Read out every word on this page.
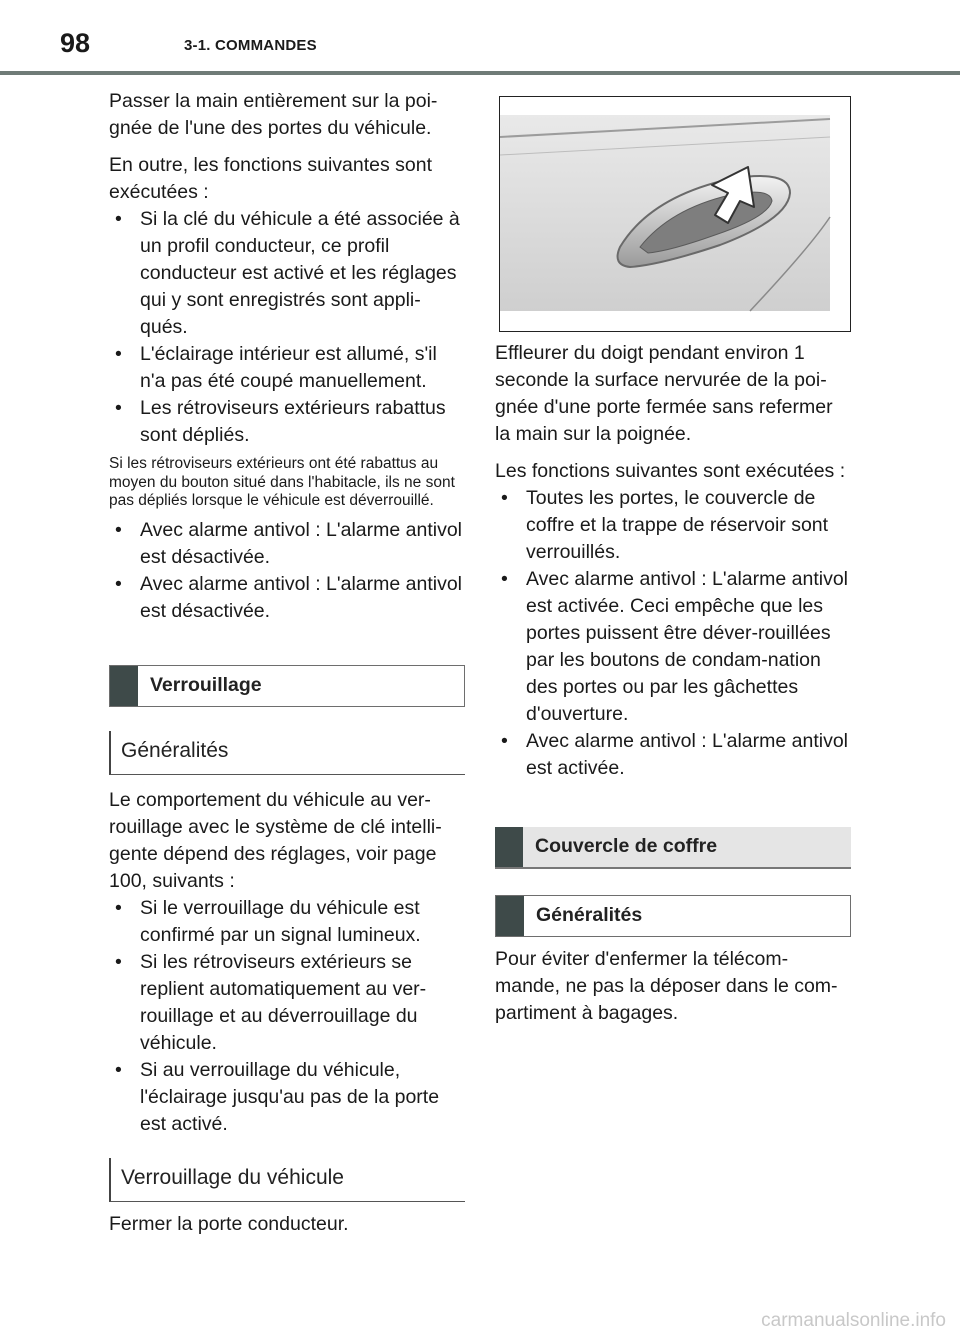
98	3-1. COMMANDES

Passer la main entièrement sur la poi-gnée de l'une des portes du véhicule.

En outre, les fonctions suivantes sont exécutées :

• Si la clé du véhicule a été associée à un profil conducteur, ce profil conducteur est activé et les réglages qui y sont enregistrés sont appli-qués.
• L'éclairage intérieur est allumé, s'il n'a pas été coupé manuellement.
• Les rétroviseurs extérieurs rabattus sont dépliés.

Si les rétroviseurs extérieurs ont été rabattus au moyen du bouton situé dans l'habitacle, ils ne sont pas dépliés lorsque le véhicule est déverrouillé.

• Avec alarme antivol : L'alarme antivol est désactivée.
• Avec alarme antivol : L'alarme antivol est désactivée.
Verrouillage
Généralités

Le comportement du véhicule au ver-rouillage avec le système de clé intelli-gente dépend des réglages, voir page 100, suivants :

• Si le verrouillage du véhicule est confirmé par un signal lumineux.
• Si les rétroviseurs extérieurs se replient automatiquement au ver-rouillage et au déverrouillage du véhicule.
• Si au verrouillage du véhicule, l'éclairage jusqu'au pas de la porte est activé.
Verrouillage du véhicule

Fermer la porte conducteur.

Effleurer du doigt pendant environ 1 seconde la surface nervurée de la poi-gnée d'une porte fermée sans refermer la main sur la poignée.

Les fonctions suivantes sont exécutées :

• Toutes les portes, le couvercle de coffre et la trappe de réservoir sont verrouillés.
• Avec alarme antivol : L'alarme antivol est activée. Ceci empêche que les portes puissent être déver-rouillées par les boutons de condam-nation des portes ou par les gâchettes d'ouverture.
• Avec alarme antivol : L'alarme antivol est activée.
Couvercle de coffre
Généralités

Pour éviter d'enfermer la télécom-mande, ne pas la déposer dans le com-partiment à bagages.

carmanualsonline.info
